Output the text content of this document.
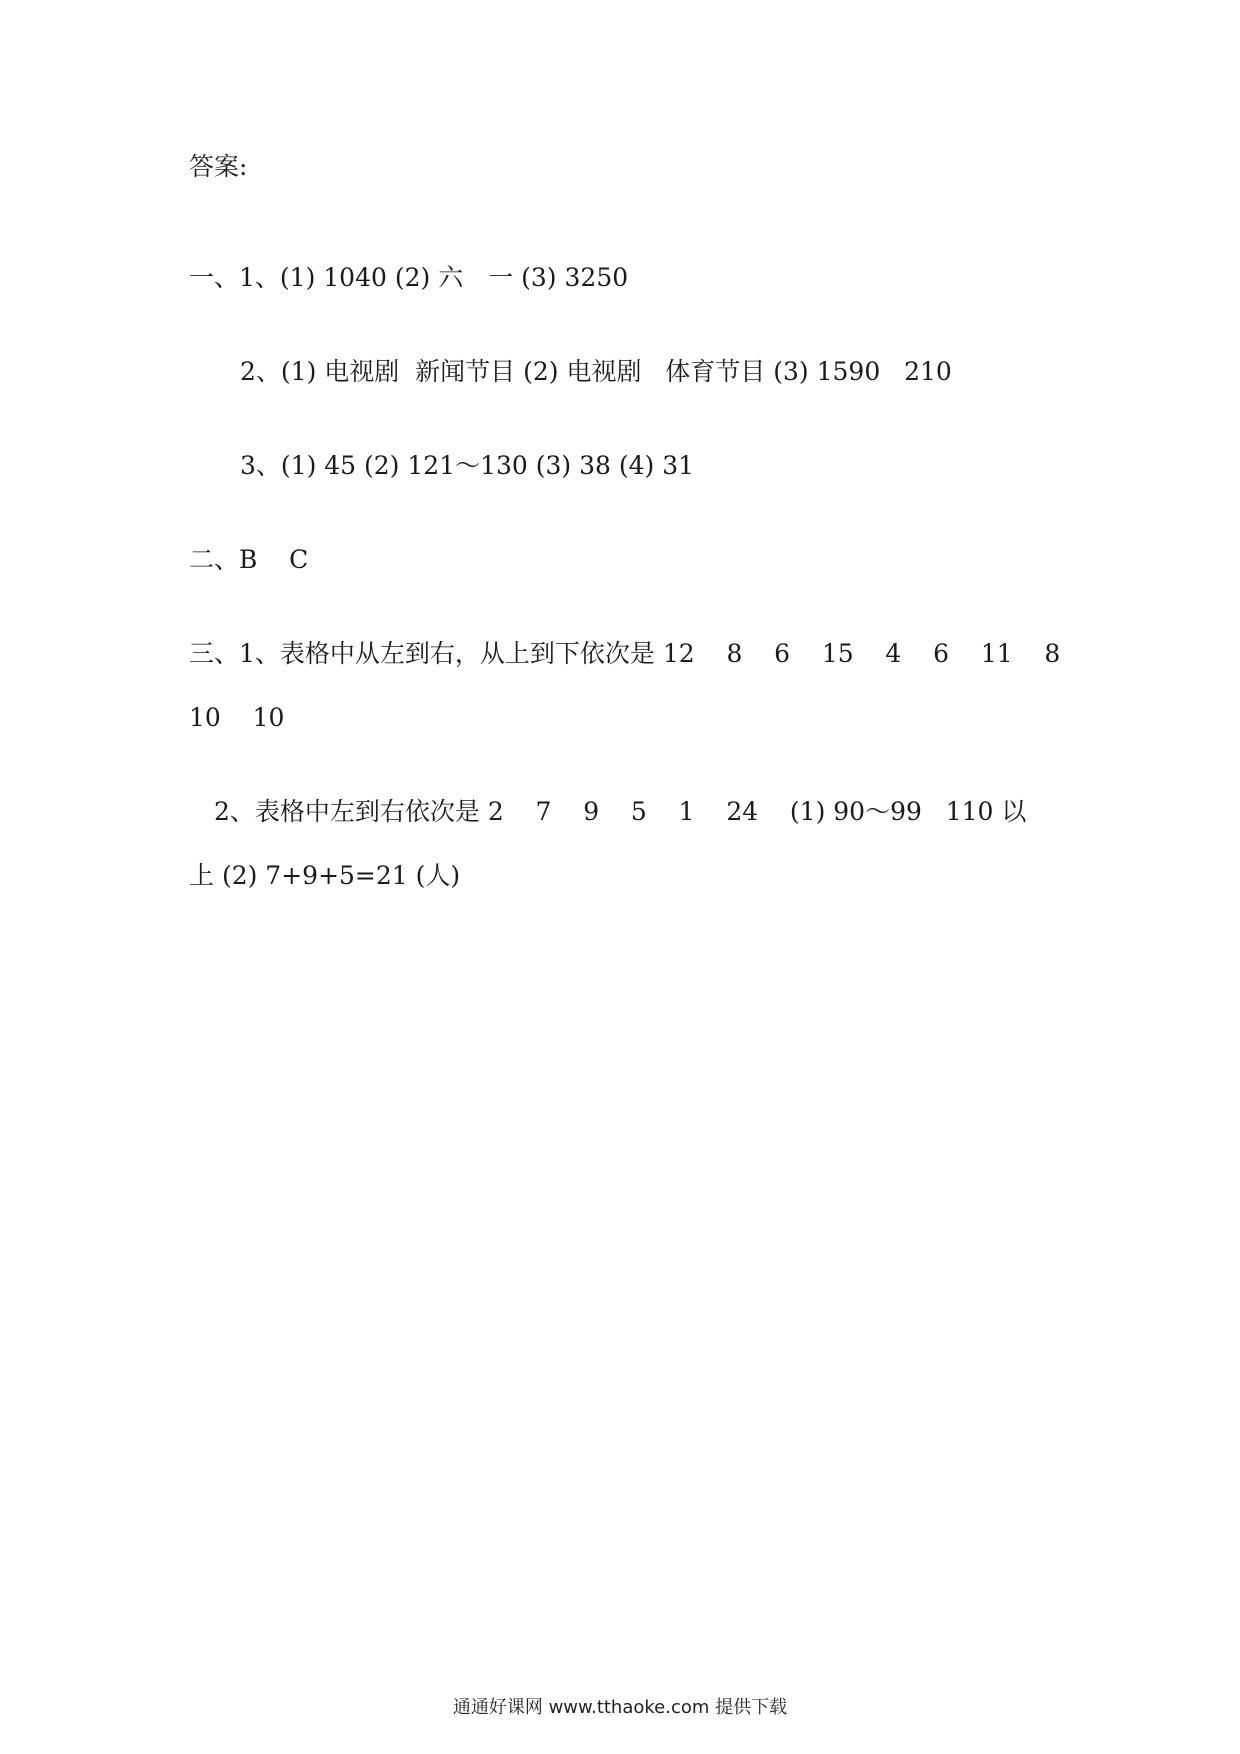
答案:
一、1、(1) 1040 (2) 六　一 (3) 3250
2、(1) 电视剧  新闻节目 (2) 电视剧   体育节目 (3) 1590   210
3、(1) 45 (2) 121～130 (3) 38 (4) 31
二、B    C
三、1、表格中从左到右，从上到下依次是 12    8    6    15    4    6    11    8
10    10
2、表格中左到右依次是 2    7    9    5    1    24    (1) 90～99   110 以
上 (2) 7+9+5=21 (人)
通通好课网 www.tthaoke.com 提供下载
